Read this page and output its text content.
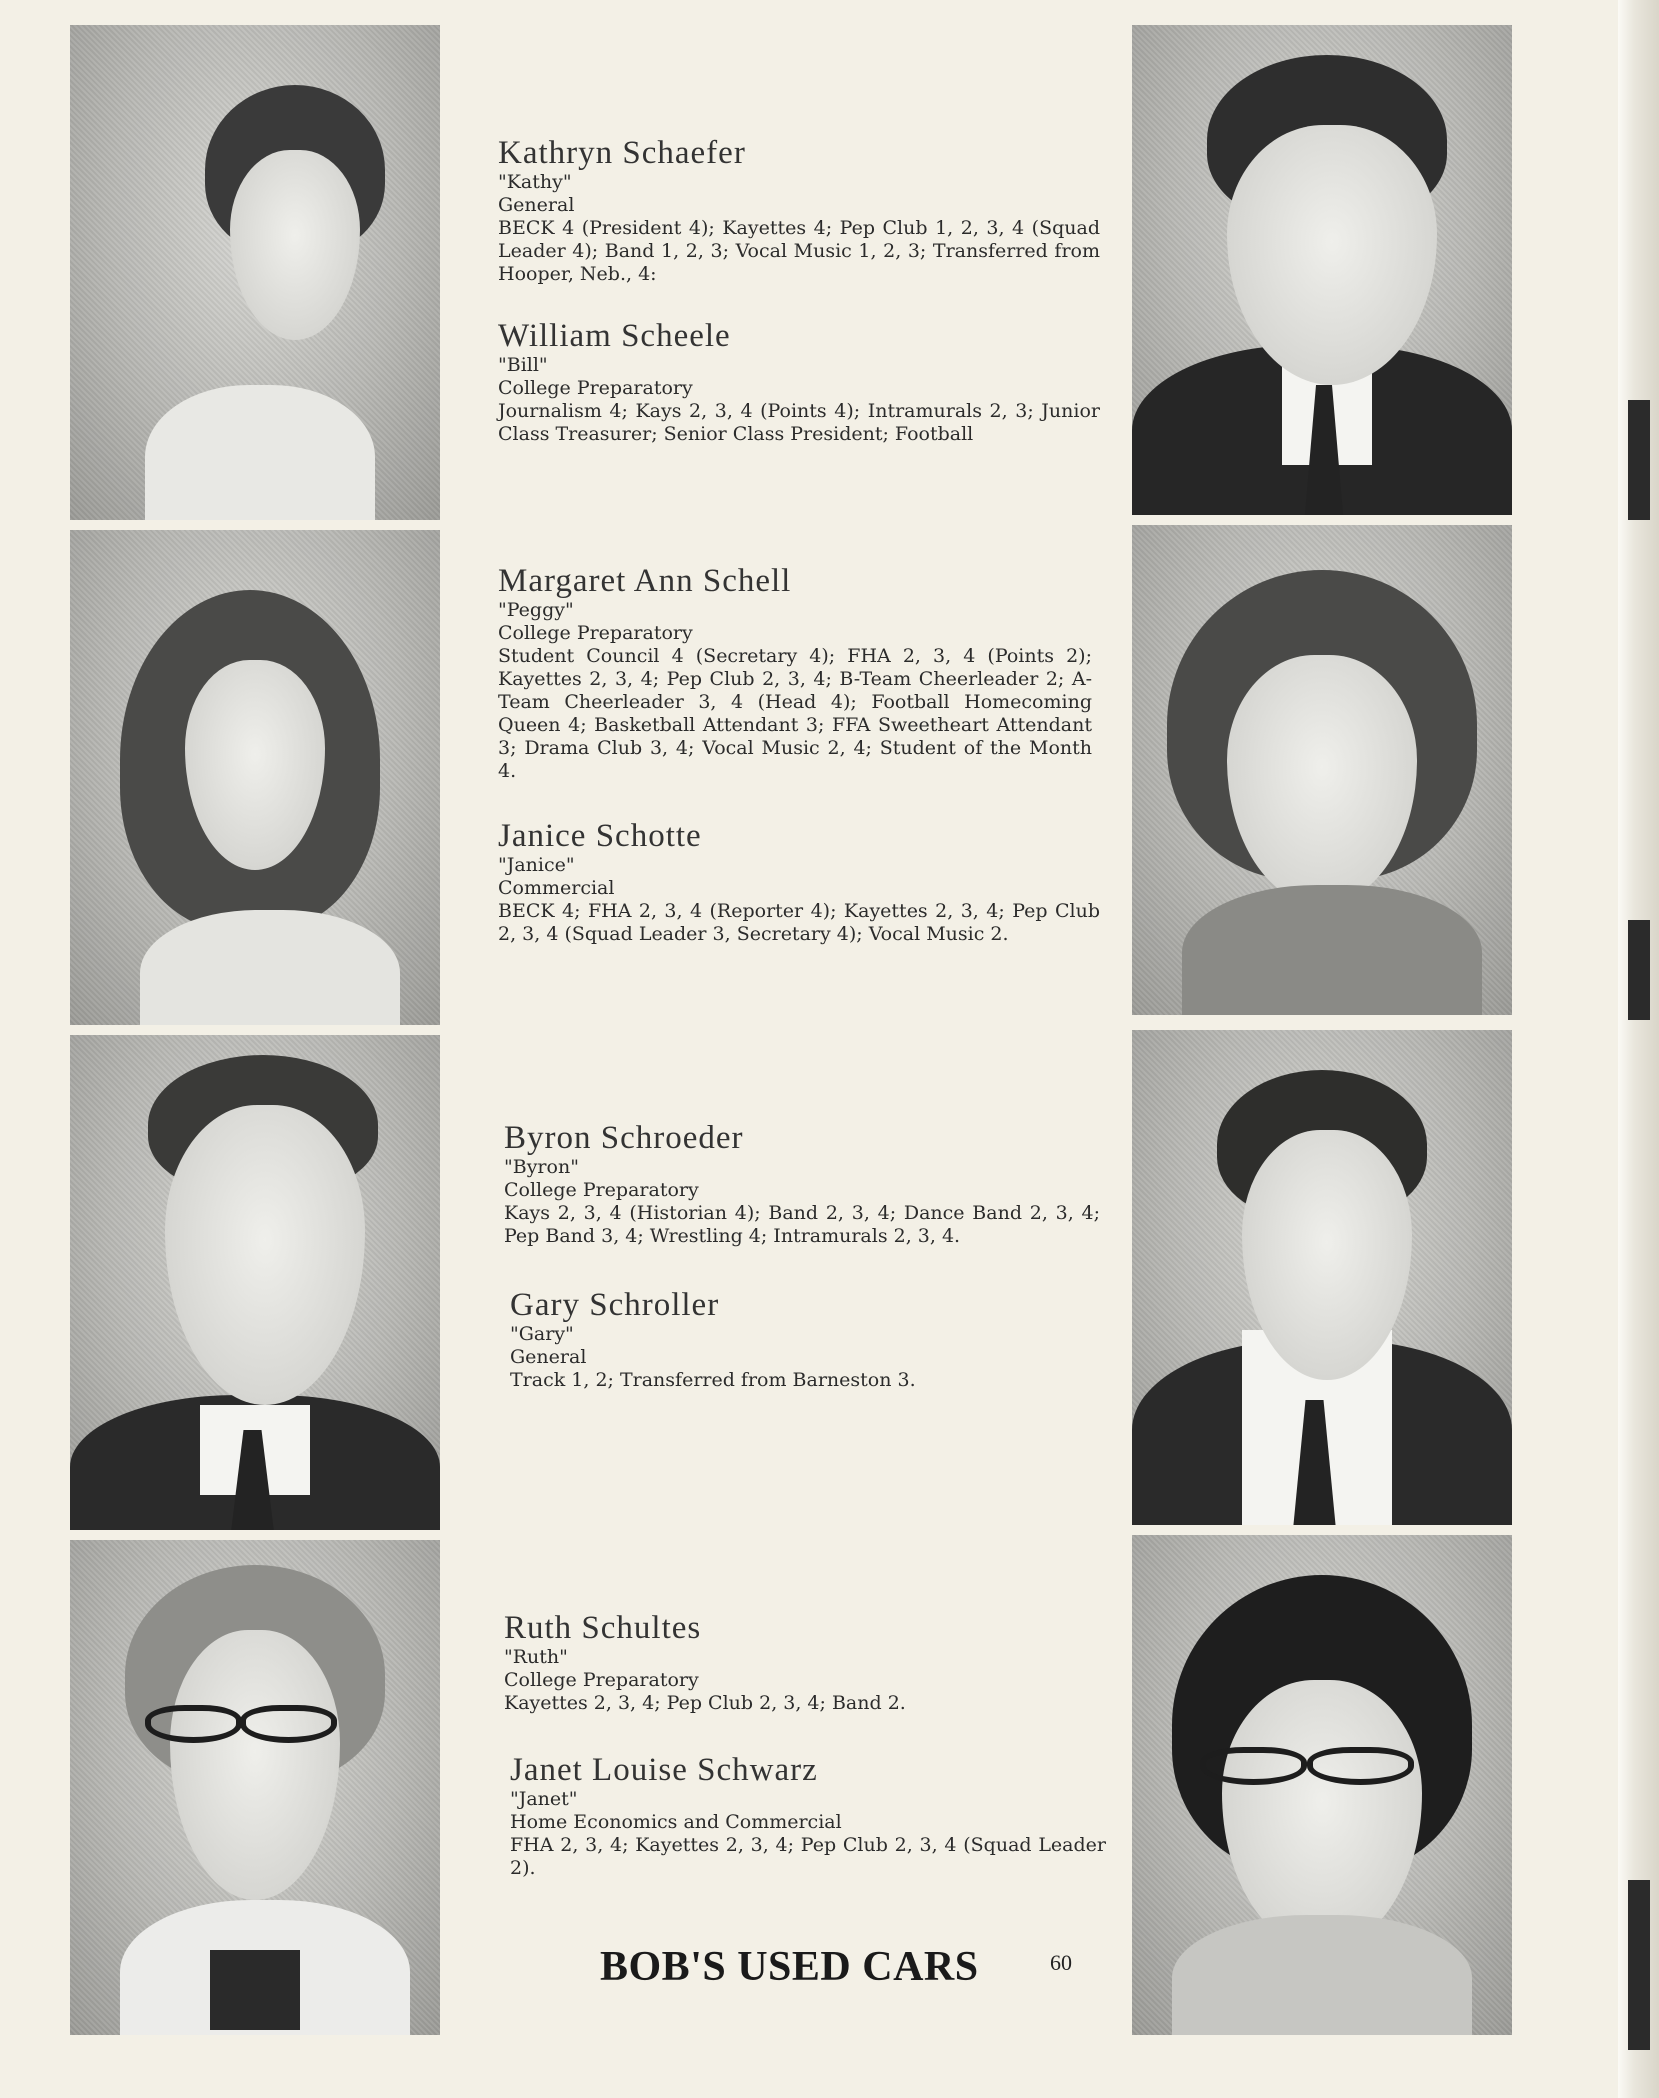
Kathryn Schaefer

"Kathy"

General

BECK 4 (President 4); Kayettes 4; Pep Club 1, 2, 3, 4 (Squad Leader 4); Band 1, 2, 3; Vocal Music 1, 2, 3; Transferred from Hooper, Neb., 4:

William Scheele

"Bill"

College Preparatory

Journalism 4; Kays 2, 3, 4 (Points 4); Intramurals 2, 3; Junior Class Treasurer; Senior Class President; Football

Margaret Ann Schell

"Peggy"

College Preparatory

Student Council 4 (Secretary 4); FHA 2, 3, 4 (Points 2); Kayettes 2, 3, 4; Pep Club 2, 3, 4; B-Team Cheerleader 2; A-Team Cheerleader 3, 4 (Head 4); Football Homecoming Queen 4; Basketball Attendant 3; FFA Sweetheart Attendant 3; Drama Club 3, 4; Vocal Music 2, 4; Student of the Month 4.

Janice Schotte

"Janice"

Commercial

BECK 4; FHA 2, 3, 4 (Reporter 4); Kayettes 2, 3, 4; Pep Club 2, 3, 4 (Squad Leader 3, Secretary 4); Vocal Music 2.

Byron Schroeder

"Byron"

College Preparatory

Kays 2, 3, 4 (Historian 4); Band 2, 3, 4; Dance Band 2, 3, 4; Pep Band 3, 4; Wrestling 4; Intramurals 2, 3, 4.

Gary Schroller

"Gary"

General

Track 1, 2; Transferred from Barneston 3.

Ruth Schultes

"Ruth"

College Preparatory

Kayettes 2, 3, 4; Pep Club 2, 3, 4; Band 2.

Janet Louise Schwarz

"Janet"

Home Economics and Commercial

FHA 2, 3, 4; Kayettes 2, 3, 4; Pep Club 2, 3, 4 (Squad Leader 2).

BOB'S USED CARS	60
